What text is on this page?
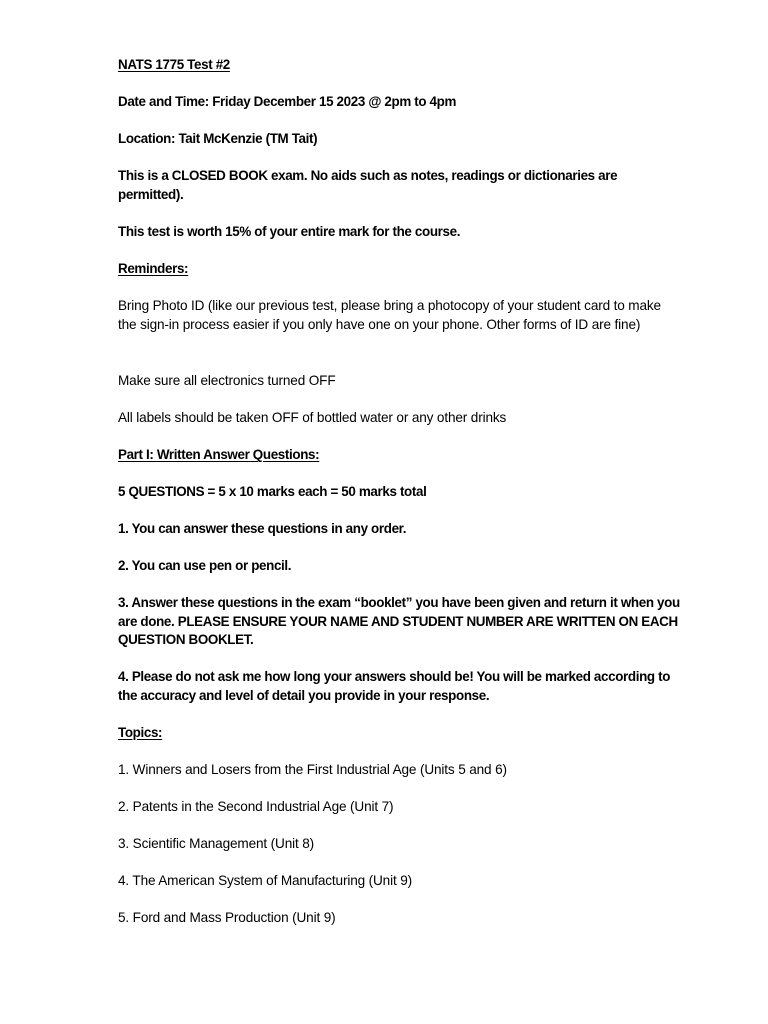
NATS 1775 Test #2

Date and Time: Friday December 15 2023 @ 2pm to 4pm

Location: Tait McKenzie (TM Tait)

This is a CLOSED BOOK exam. No aids such as notes, readings or dictionaries are permitted).

This test is worth 15% of your entire mark for the course.

Reminders:

Bring Photo ID (like our previous test, please bring a photocopy of your student card to make the sign-in process easier if you only have one on your phone. Other forms of ID are fine)

Make sure all electronics turned OFF

All labels should be taken OFF of bottled water or any other drinks

Part I: Written Answer Questions:

5 QUESTIONS = 5 x 10 marks each = 50 marks total

1. You can answer these questions in any order.

2. You can use pen or pencil.

3. Answer these questions in the exam “booklet” you have been given and return it when you are done. PLEASE ENSURE YOUR NAME AND STUDENT NUMBER ARE WRITTEN ON EACH QUESTION BOOKLET.

4. Please do not ask me how long your answers should be! You will be marked according to the accuracy and level of detail you provide in your response.

Topics:

1. Winners and Losers from the First Industrial Age (Units 5 and 6)

2. Patents in the Second Industrial Age (Unit 7)

3. Scientific Management (Unit 8)

4. The American System of Manufacturing (Unit 9)

5. Ford and Mass Production (Unit 9)
